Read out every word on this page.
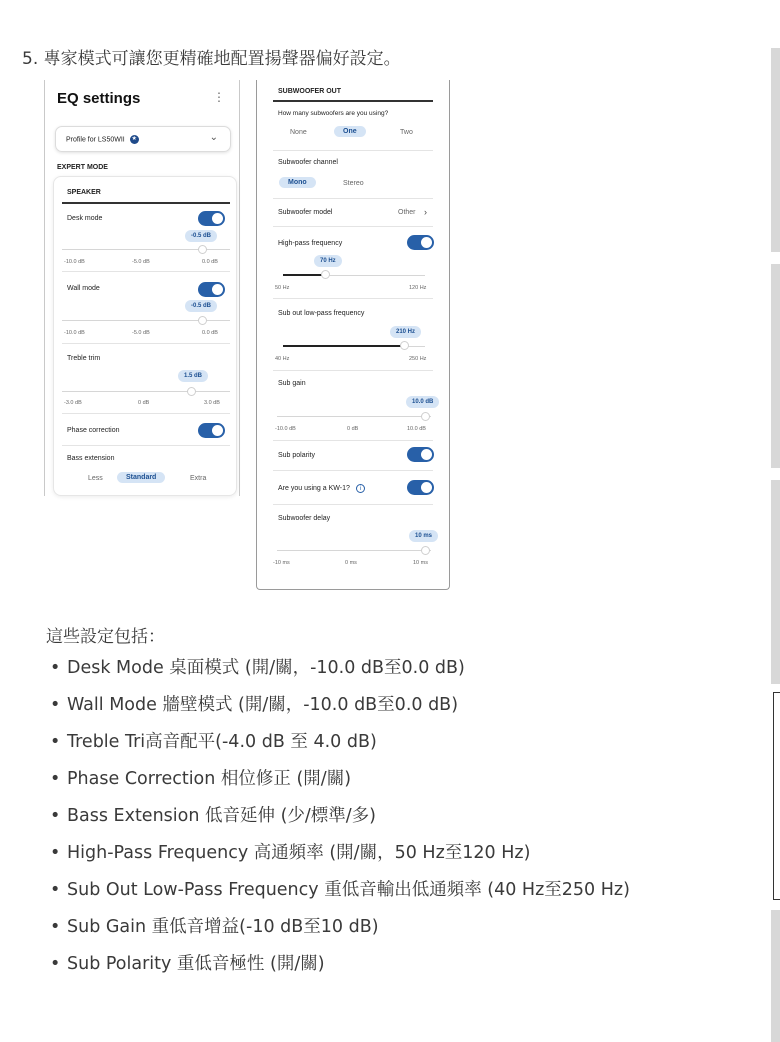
5. 專家模式可讓您更精確地配置揚聲器偏好設定。
EQ settings	⋮
Profile for LS50WII ★	⌄
EXPERT MODE
SPEAKER
Desk mode
-0.5 dB
-10.0 dB	-5.0 dB	0.0 dB
Wall mode
-0.5 dB
-10.0 dB	-5.0 dB	0.0 dB
Treble trim
1.5 dB
-3.0 dB	0 dB	3.0 dB
Phase correction
Bass extension
Less	Standard	Extra
SUBWOOFER OUT
How many subwoofers are you using?
None	One	Two
Subwoofer channel
Mono	Stereo
Subwoofer model	Other ›
High-pass frequency
70 Hz
50 Hz	120 Hz
Sub out low-pass frequency
210 Hz
40 Hz	250 Hz
Sub gain
10.0 dB
-10.0 dB	0 dB	10.0 dB
Sub polarity
Are you using a KW-1? i
Subwoofer delay
10 ms
-10 ms	0 ms	10 ms
這些設定包括：
• Desk Mode 桌面模式 (開/關，-10.0 dB至0.0 dB)
• Wall Mode 牆壁模式 (開/關，-10.0 dB至0.0 dB)
• Treble Tri高音配平(-4.0 dB 至 4.0 dB)
• Phase Correction 相位修正 (開/關)
• Bass Extension 低音延伸 (少/標準/多)
• High-Pass Frequency 高通頻率 (開/關，50 Hz至120 Hz)
• Sub Out Low-Pass Frequency 重低音輸出低通頻率 (40 Hz至250 Hz)
• Sub Gain 重低音增益(-10 dB至10 dB)
• Sub Polarity 重低音極性 (開/關)
